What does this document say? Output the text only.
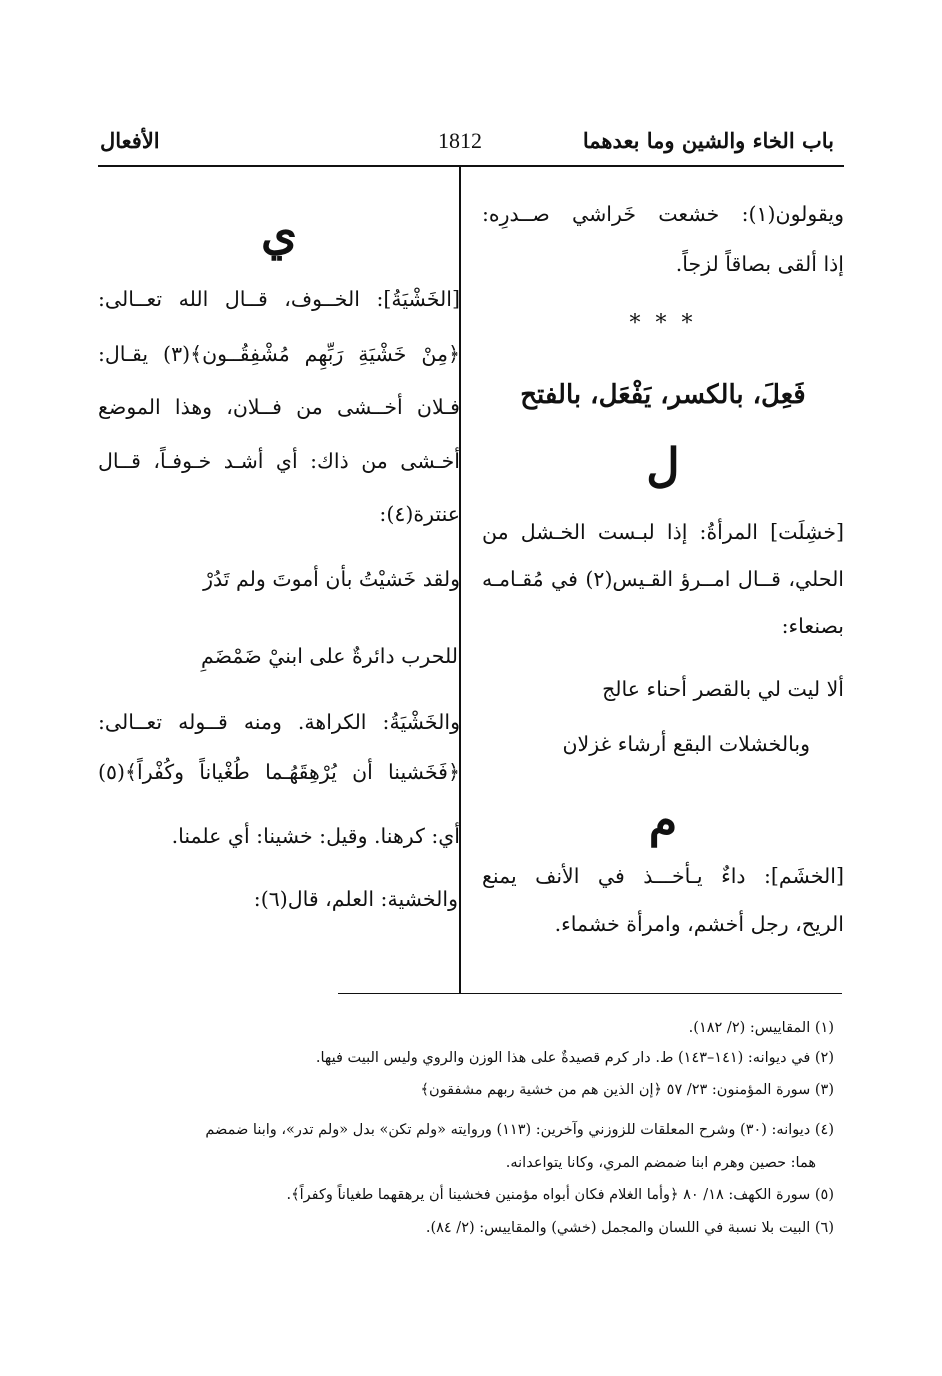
باب الخاء والشين وما بعدهما
1812
الأفعال
ويقولون(١): خشعت خَراشي صــدرِه:
إذا ألقى بصاقاً لزجاً.
* * *
فَعِلَ، بالكسر، يَفْعَل، بالفتح
ل
[خشِلَت] المرأةُ: إذا لبـست الخـشل من
الحلي، قــال امــرؤ القـيس(٢) في مُقـامـه
بصنعاء:
ألا ليت لي بالقصر أحناء عالج
وبالخشلات البقع أرشاء غزلان
م
[الخشَم]: داءٌ يـأخـــذ في الأنف يمنع
الريح، رجل أخشم، وامرأة خشماء.
ي
[الخَشْيَةُ]: الخــوف، قــال الله تعــالى:
﴿مِنْ خَشْيَةِ رَبِّهِم مُشْفِقُــون﴾(٣) يقـال:
فـلان أخــشى من فــلان، وهذا الموضع
أخـشى من ذاك: أي أشـد خـوفـاً، قــال
عنترة(٤):
ولقد خَشيْتُ بأن أموتَ ولم تَدُرْ
للحرب دائرةٌ على ابنيْ ضَمْضَمِ
والخَشْيَةُ: الكراهة. ومنه قــوله تعــالى:
﴿فَخَشينا أن يُرْهِقَهُـما طُغْياناً وكُفْراً﴾(٥)
أي: كرهنا. وقيل: خشينا: أي علمنا.
والخشية: العلم، قال(٦):
(١) المقاييس: (٢/ ١٨٢).
(٢) في ديوانه: (١٤١–١٤٣) ط. دار كرم قصيدةٌ على هذا الوزن والروي وليس البيت فيها.
(٣) سورة المؤمنون: ٢٣/ ٥٧ ﴿إن الذين هم من خشية ربهم مشفقون﴾
(٤) ديوانه: (٣٠) وشرح المعلقات للزوزني وآخرين: (١١٣) وروايته «ولم تكن» بدل «ولم تدر»، وابنا ضمضم
هما: حصين وهرم ابنا ضمضم المري، وكانا يتواعدانه.
(٥) سورة الكهف: ١٨/ ٨٠ ﴿وأما الغلام فكان أبواه مؤمنين فخشينا أن يرهقهما طغياناً وكفراً﴾.
(٦) البيت بلا نسبة في اللسان والمجمل (خشي) والمقاييس: (٢/ ٨٤).
